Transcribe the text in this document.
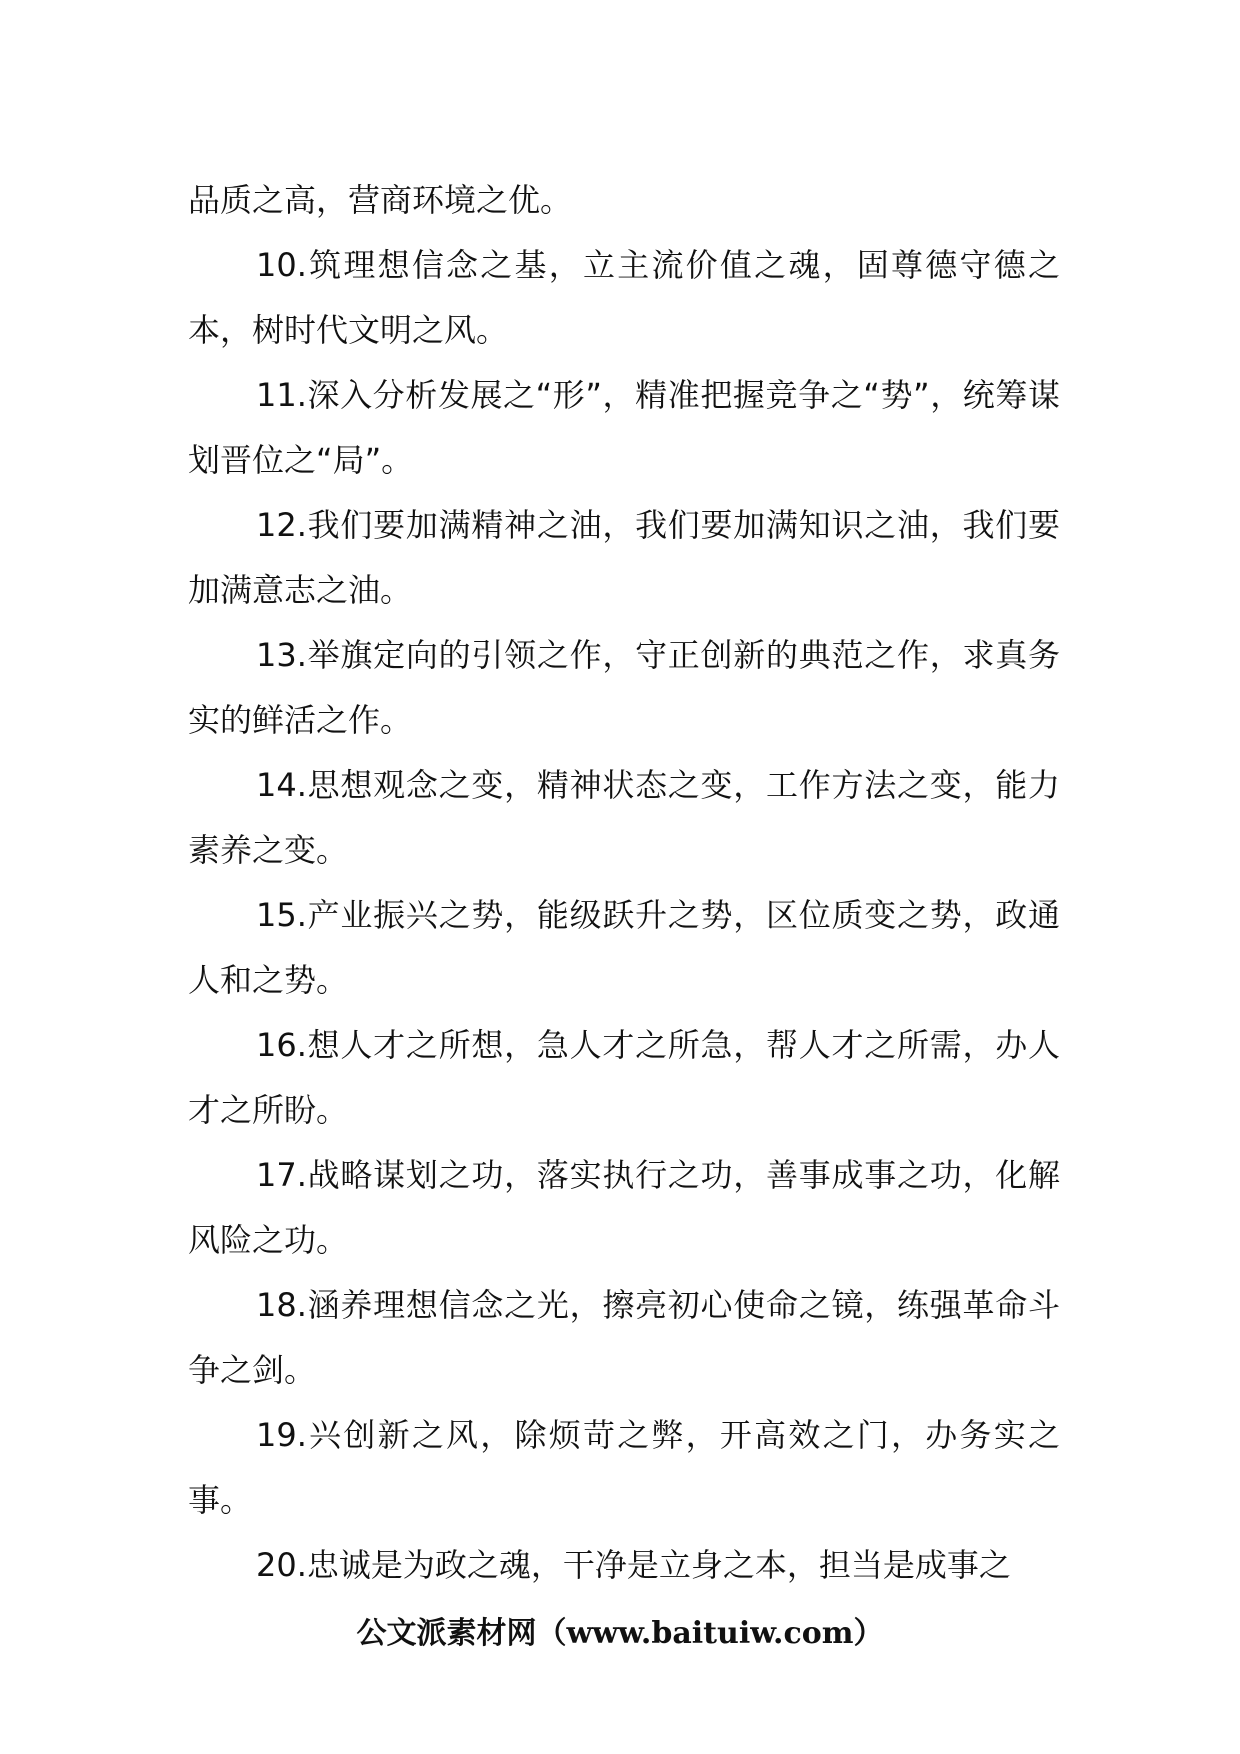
品质之高，营商环境之优。

10.筑理想信念之基，立主流价值之魂，固尊德守德之本，树时代文明之风。

11.深入分析发展之“形”，精准把握竞争之“势”，统筹谋划晋位之“局”。

12.我们要加满精神之油，我们要加满知识之油，我们要加满意志之油。

13.举旗定向的引领之作，守正创新的典范之作，求真务实的鲜活之作。

14.思想观念之变，精神状态之变，工作方法之变，能力素养之变。

15.产业振兴之势，能级跃升之势，区位质变之势，政通人和之势。

16.想人才之所想，急人才之所急，帮人才之所需，办人才之所盼。

17.战略谋划之功，落实执行之功，善事成事之功，化解风险之功。

18.涵养理想信念之光，擦亮初心使命之镜，练强革命斗争之剑。

19.兴创新之风，除烦苛之弊，开高效之门，办务实之事。

20.忠诚是为政之魂，干净是立身之本，担当是成事之

公文派素材网（www.baituiw.com）
